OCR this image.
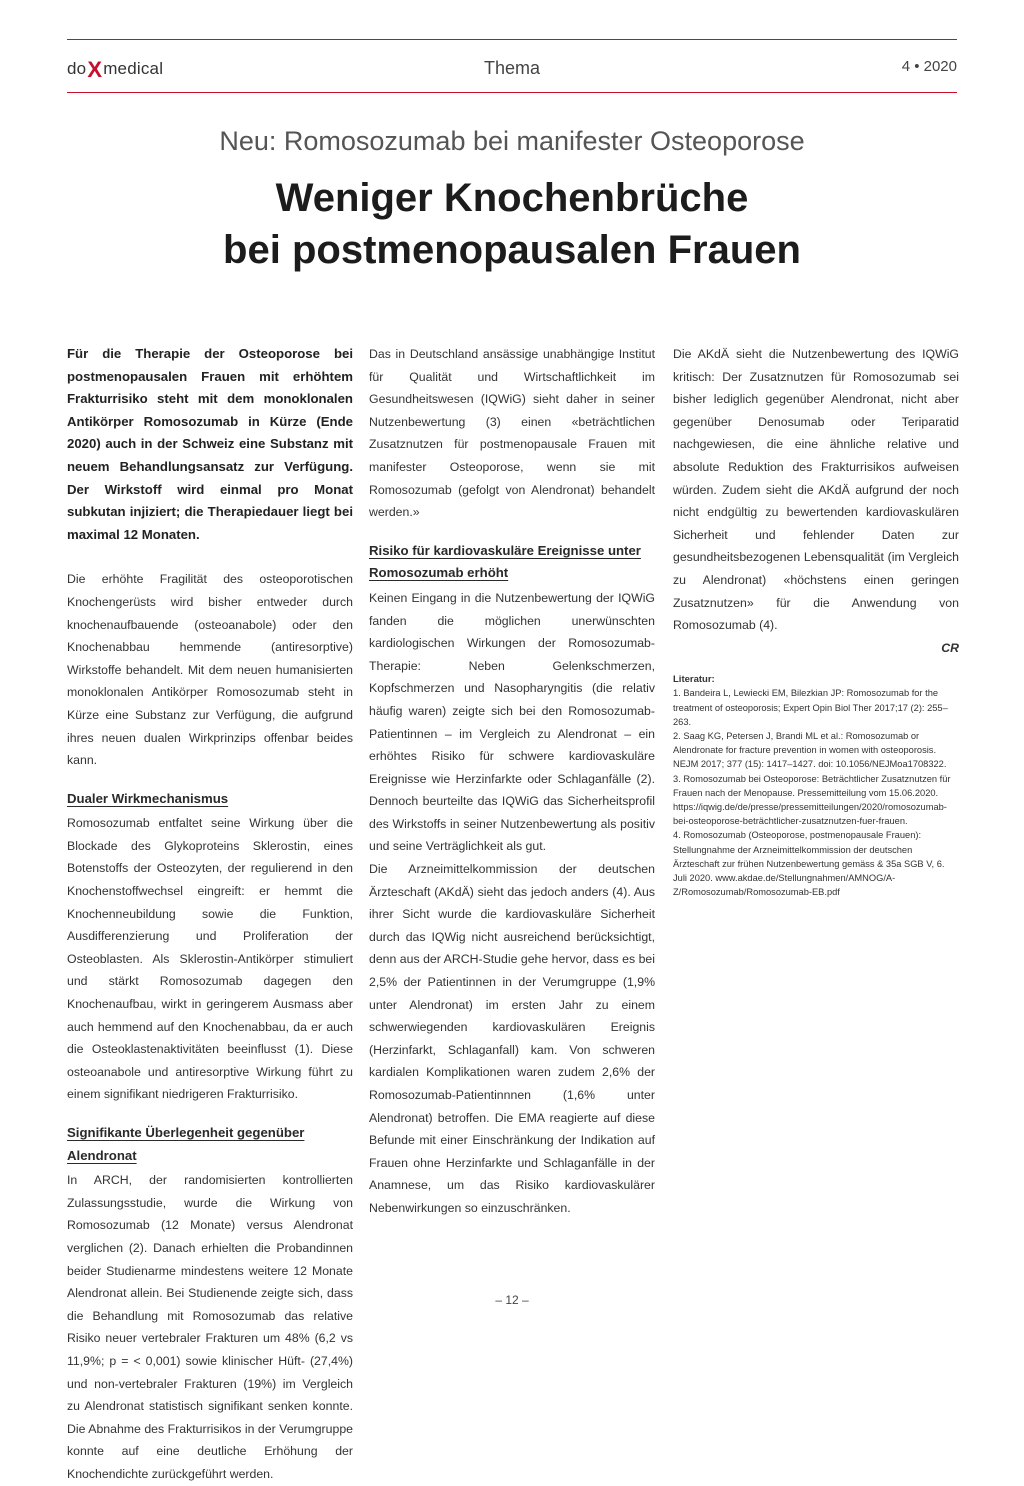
doXmedical	Thema	4 • 2020
Neu: Romosozumab bei manifester Osteoporose
Weniger Knochenbrüche
bei postmenopausalen Frauen

Für die Therapie der Osteoporose bei postmenopausalen Frauen mit erhöhtem Frakturrisiko steht mit dem monoklonalen Antikörper Romosozumab in Kürze (Ende 2020) auch in der Schweiz eine Substanz mit neuem Behandlungsansatz zur Verfügung. Der Wirkstoff wird einmal pro Monat subkutan injiziert; die Therapiedauer liegt bei maximal 12 Monaten.

Die erhöhte Fragilität des osteoporotischen Knochengerüsts wird bisher entweder durch knochenaufbauende (osteoanabole) oder den Knochenabbau hemmende (antiresorptive) Wirkstoffe behandelt. Mit dem neuen humanisierten monoklonalen Antikörper Romosozumab steht in Kürze eine Substanz zur Verfügung, die aufgrund ihres neuen dualen Wirkprinzips offenbar beides kann.

Dualer Wirkmechanismus

Romosozumab entfaltet seine Wirkung über die Blockade des Glykoproteins Sklerostin, eines Botenstoffs der Osteozyten, der regulierend in den Knochenstoffwechsel eingreift: er hemmt die Knochenneubildung sowie die Funktion, Ausdifferenzierung und Proliferation der Osteoblasten. Als Sklerostin-Antikörper stimuliert und stärkt Romosozumab dagegen den Knochenaufbau, wirkt in geringerem Ausmass aber auch hemmend auf den Knochenabbau, da er auch die Osteoklastenaktivitäten beeinflusst (1). Diese osteoanabole und antiresorptive Wirkung führt zu einem signifikant niedrigeren Frakturrisiko.

Signifikante Überlegenheit gegenüber Alendronat

In ARCH, der randomisierten kontrollierten Zulassungsstudie, wurde die Wirkung von Romosozumab (12 Monate) versus Alendronat verglichen (2). Danach erhielten die Probandinnen beider Studienarme mindestens weitere 12 Monate Alendronat allein. Bei Studienende zeigte sich, dass die Behandlung mit Romosozumab das relative Risiko neuer vertebraler Frakturen um 48% (6,2 vs 11,9%; p = < 0,001) sowie klinischer Hüft- (27,4%) und non-vertebraler Frakturen (19%) im Vergleich zu Alendronat statistisch signifikant senken konnte. Die Abnahme des Frakturrisikos in der Verumgruppe konnte auf eine deutliche Erhöhung der Knochendichte zurückgeführt werden.

Das in Deutschland ansässige unabhängige Institut für Qualität und Wirtschaftlichkeit im Gesundheitswesen (IQWiG) sieht daher in seiner Nutzenbewertung (3) einen «beträchtlichen Zusatznutzen für postmenopausale Frauen mit manifester Osteoporose, wenn sie mit Romosozumab (gefolgt von Alendronat) behandelt werden.»

Risiko für kardiovaskuläre Ereignisse unter Romosozumab erhöht

Keinen Eingang in die Nutzenbewertung der IQWiG fanden die möglichen unerwünschten kardiologischen Wirkungen der Romosozumab-Therapie: Neben Gelenkschmerzen, Kopfschmerzen und Nasopharyngitis (die relativ häufig waren) zeigte sich bei den Romosozumab-Patientinnen – im Vergleich zu Alendronat – ein erhöhtes Risiko für schwere kardiovaskuläre Ereignisse wie Herzinfarkte oder Schlaganfälle (2). Dennoch beurteilte das IQWiG das Sicherheitsprofil des Wirkstoffs in seiner Nutzenbewertung als positiv und seine Verträglichkeit als gut.

Die Arzneimittelkommission der deutschen Ärzteschaft (AKdÄ) sieht das jedoch anders (4). Aus ihrer Sicht wurde die kardiovaskuläre Sicherheit durch das IQWig nicht ausreichend berücksichtigt, denn aus der ARCH-Studie gehe hervor, dass es bei 2,5% der Patientinnen in der Verumgruppe (1,9% unter Alendronat) im ersten Jahr zu einem schwerwiegenden kardiovaskulären Ereignis (Herzinfarkt, Schlaganfall) kam. Von schweren kardialen Komplikationen waren zudem 2,6% der Romosozumab-Patientinnnen (1,6% unter Alendronat) betroffen. Die EMA reagierte auf diese Befunde mit einer Einschränkung der Indikation auf Frauen ohne Herzinfarkte und Schlaganfälle in der Anamnese, um das Risiko kardiovaskulärer Nebenwirkungen so einzuschränken.

Die AKdÄ sieht die Nutzenbewertung des IQWiG kritisch: Der Zusatznutzen für Romosozumab sei bisher lediglich gegenüber Alendronat, nicht aber gegenüber Denosumab oder Teriparatid nachgewiesen, die eine ähnliche relative und absolute Reduktion des Frakturrisikos aufweisen würden. Zudem sieht die AKdÄ aufgrund der noch nicht endgültig zu bewertenden kardiovaskulären Sicherheit und fehlender Daten zur gesundheitsbezogenen Lebensqualität (im Vergleich zu Alendronat) «höchstens einen geringen Zusatznutzen» für die Anwendung von Romosozumab (4).

CR

Literatur:

1. Bandeira L, Lewiecki EM, Bilezkian JP: Romosozumab for the treatment of osteoporosis; Expert Opin Biol Ther 2017;17 (2): 255–263.
2. Saag KG, Petersen J, Brandi ML et al.: Romosozumab or Alendronate for fracture prevention in women with osteoporosis. NEJM 2017; 377 (15): 1417–1427. doi: 10.1056/NEJMoa1708322.
3. Romosozumab bei Osteoporose: Beträchtlicher Zusatznutzen für Frauen nach der Menopause. Pressemitteilung vom 15.06.2020. https://iqwig.de/de/presse/pressemitteilungen/2020/romosozumab-bei-osteoporose-beträchtlicher-zusatznutzen-fuer-frauen.
4. Romosozumab (Osteoporose, postmenopausale Frauen): Stellungnahme der Arzneimittelkommission der deutschen Ärzteschaft zur frühen Nutzenbewertung gemäss & 35a SGB V, 6. Juli 2020. www.akdae.de/Stellungnahmen/AMNOG/A-Z/Romosozumab/Romosozumab-EB.pdf
– 12 –
